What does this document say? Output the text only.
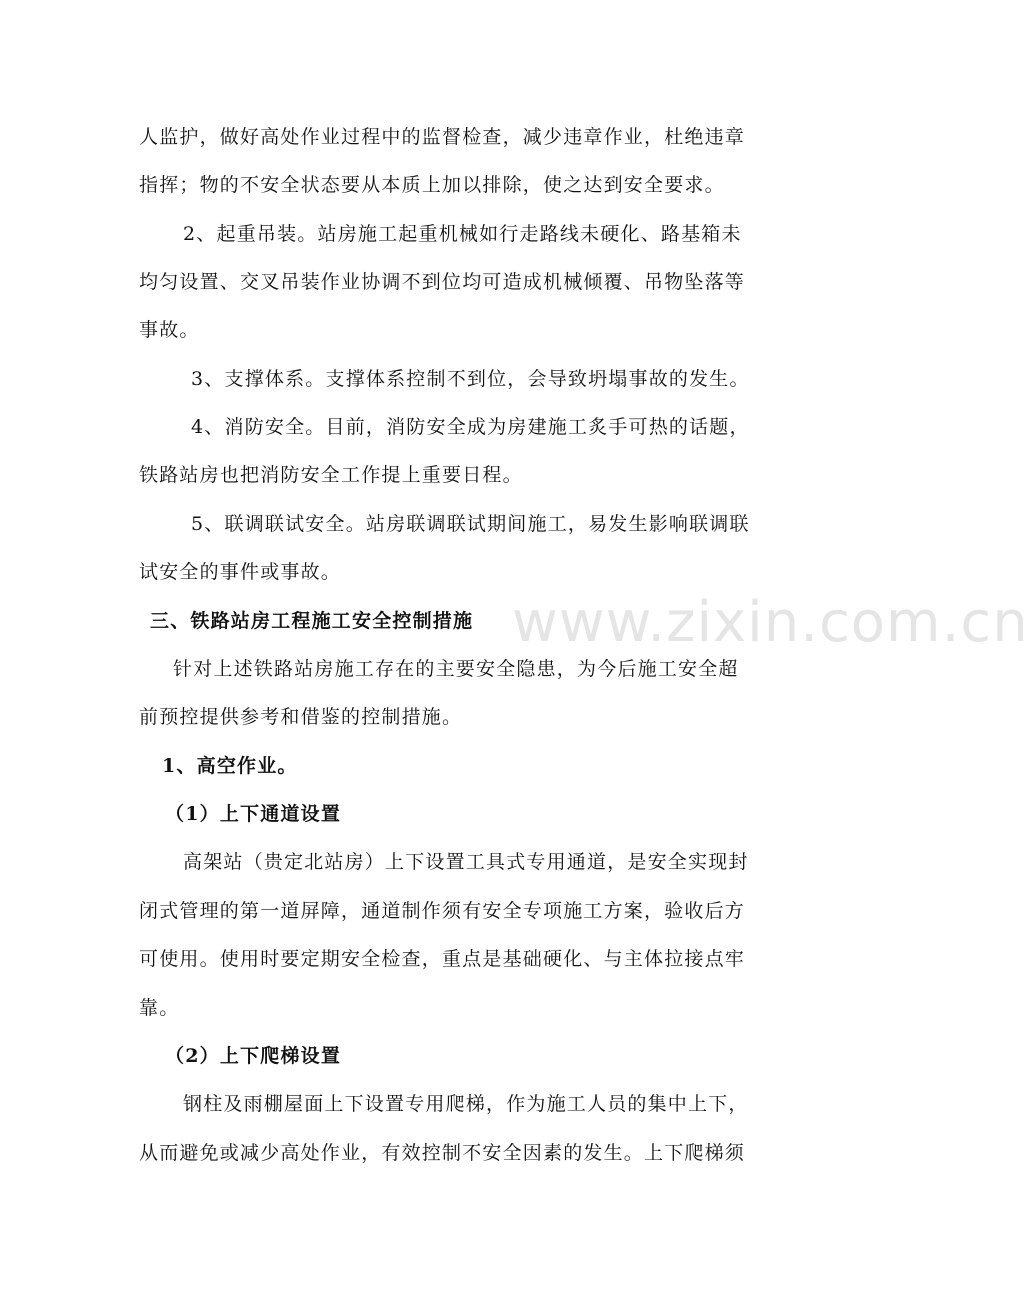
www.zixin.com.cn
人监护，做好高处作业过程中的监督检查，减少违章作业，杜绝违章
指挥；物的不安全状态要从本质上加以排除，使之达到安全要求。
2、起重吊装。站房施工起重机械如行走路线未硬化、路基箱未
均匀设置、交叉吊装作业协调不到位均可造成机械倾覆、吊物坠落等
事故。
3、支撑体系。支撑体系控制不到位，会导致坍塌事故的发生。
4、消防安全。目前，消防安全成为房建施工炙手可热的话题，
铁路站房也把消防安全工作提上重要日程。
5、联调联试安全。站房联调联试期间施工，易发生影响联调联
试安全的事件或事故。
三、铁路站房工程施工安全控制措施
针对上述铁路站房施工存在的主要安全隐患，为今后施工安全超
前预控提供参考和借鉴的控制措施。
1、高空作业。
（1）上下通道设置
高架站（贵定北站房）上下设置工具式专用通道，是安全实现封
闭式管理的第一道屏障，通道制作须有安全专项施工方案，验收后方
可使用。使用时要定期安全检查，重点是基础硬化、与主体拉接点牢
靠。
（2）上下爬梯设置
钢柱及雨棚屋面上下设置专用爬梯，作为施工人员的集中上下，
从而避免或减少高处作业，有效控制不安全因素的发生。上下爬梯须
